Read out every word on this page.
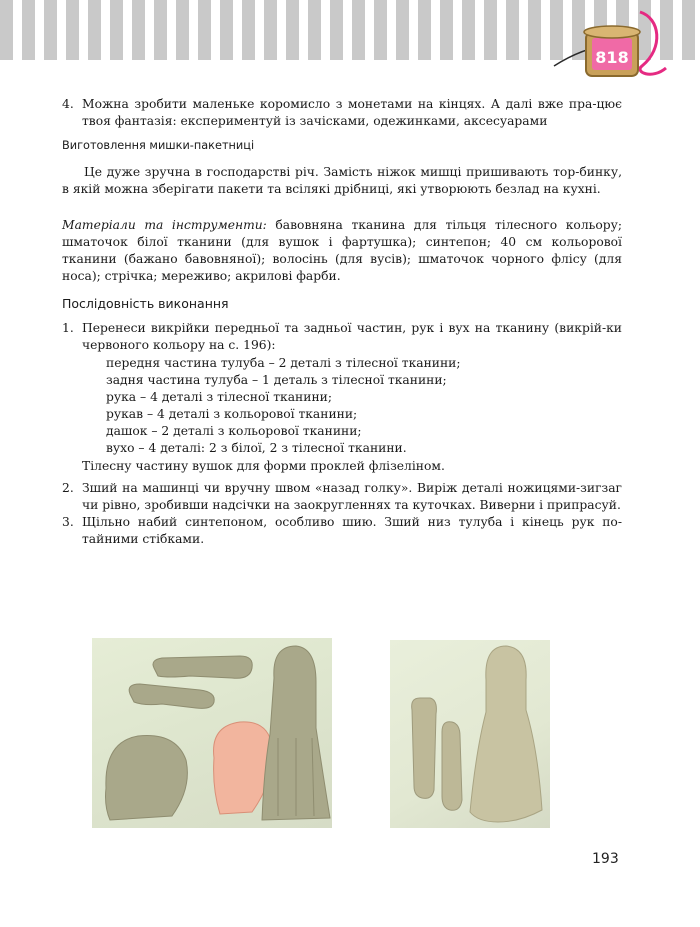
818
4. Можна зробити маленьке коромисло з монетами на кінцях. А далі вже пра-цює твоя фантазія: експериментуй із зачісками, одежинками, аксесуарами
Виготовлення мишки-пакетниці

Це дуже зручна в господарстві річ. Замість ніжок мишці пришивають тор-бинку, в якій можна зберігати пакети та всілякі дрібниці, які утворюють безлад на кухні.

Матеріали та інструменти: бавовняна тканина для тільця тілесного кольору; шматочок білої тканини (для вушок і фартушка); синтепон; 40 см кольорової тканини (бажано бавовняної); волосінь (для вусів); шматочок чорного флісу (для носа); стрічка; мереживо; акрилові фарби.

Послідовність виконання
1. Перенеси викрійки передньої та задньої частин, рук і вух на тканину (викрій-ки червоного кольору на с. 196):
передня частина тулуба – 2 деталі з тілесної тканини;
задня частина тулуба – 1 деталь з тілесної тканини;
рука – 4 деталі з тілесної тканини;
рукав – 4 деталі з кольорової тканини;
дашок – 2 деталі з кольорової тканини;
вухо – 4 деталі: 2 з білої, 2 з тілесної тканини.
Тілесну частину вушок для форми проклей флізеліном.
2. Зший на машинці чи вручну швом «назад голку». Виріж деталі ножицями-зигзаг чи рівно, зробивши надсічки на заокругленнях та куточках. Виверни і припрасуй.
3. Щільно набий синтепоном, особливо шию. Зший низ тулуба і кінець рук по-тайними стібками.
193
